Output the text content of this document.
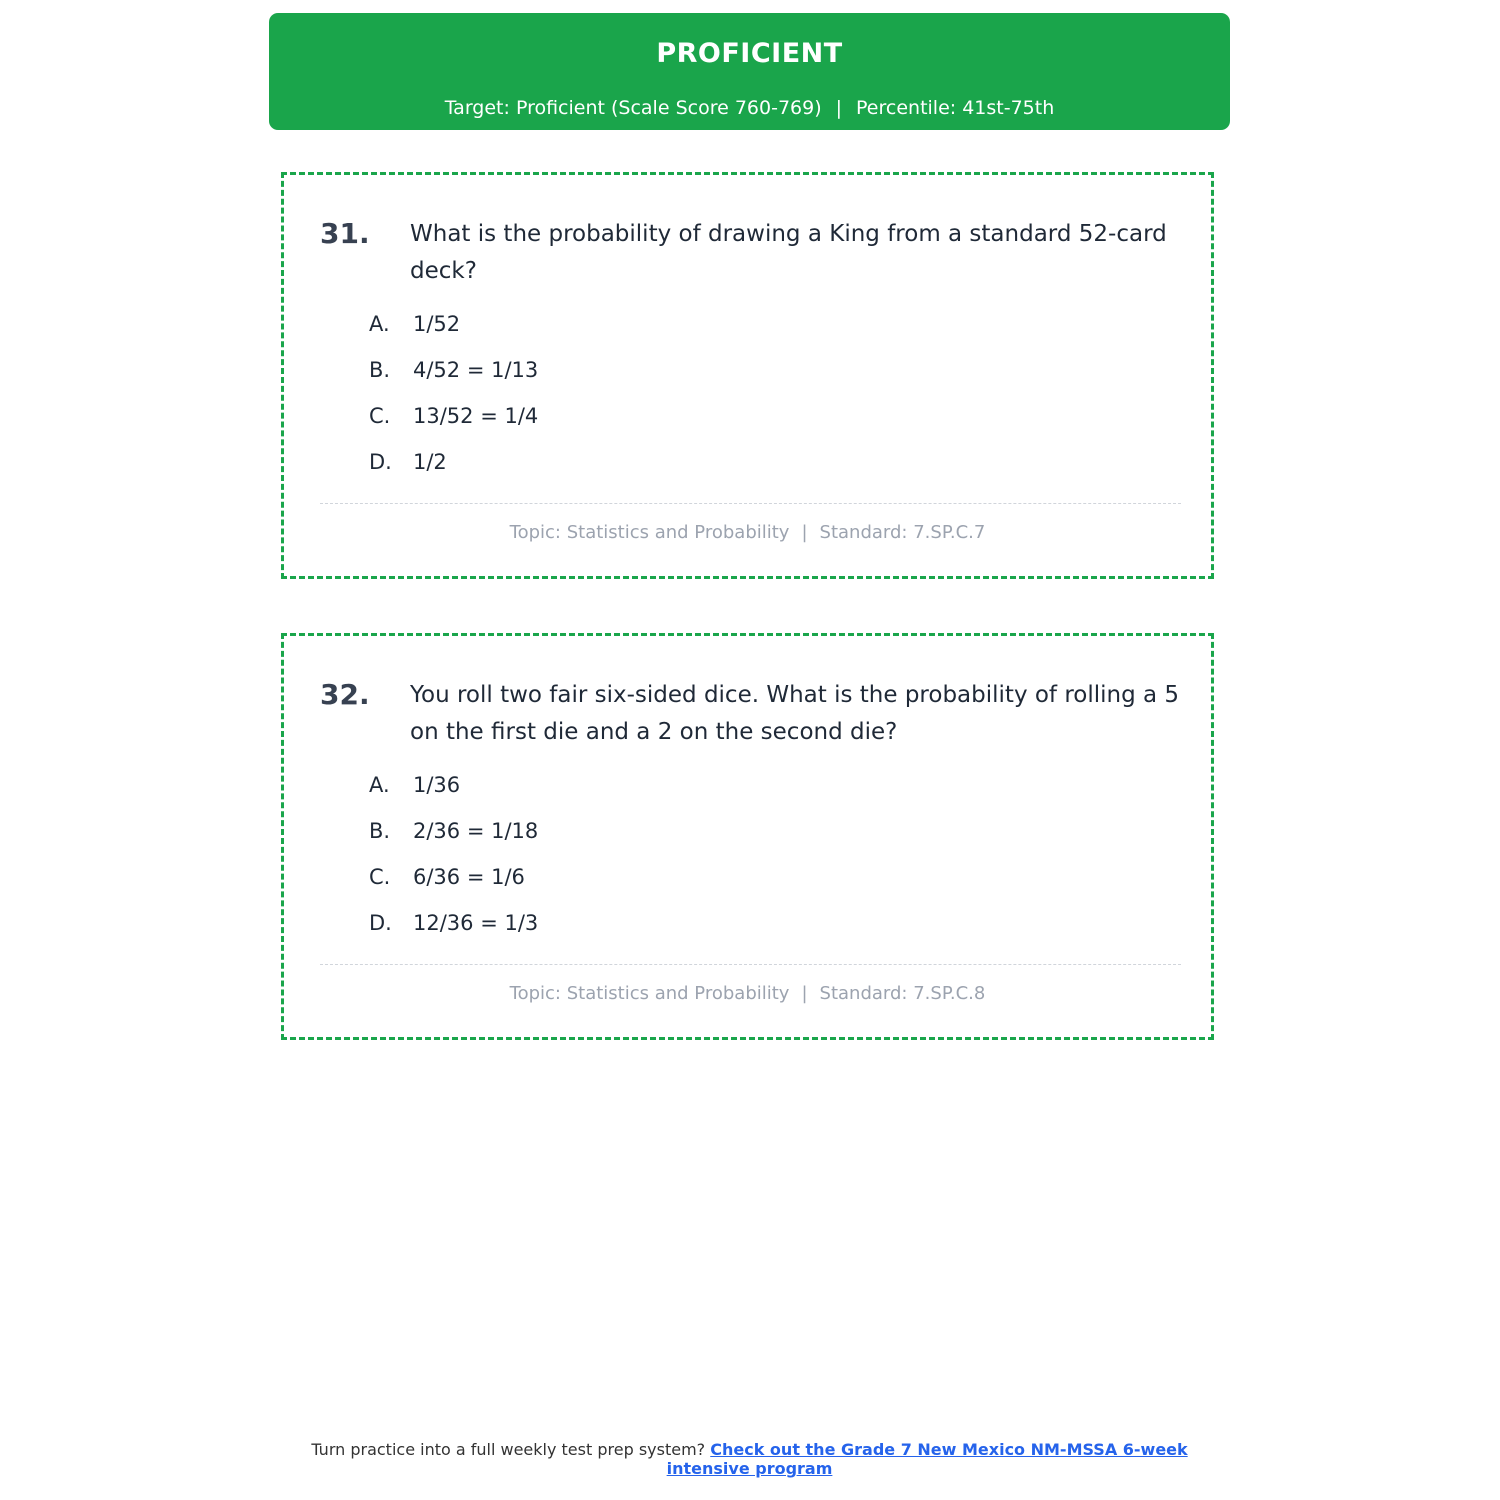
PROFICIENT
Target: Proficient (Scale Score 760-769) | Percentile: 41st-75th
31. What is the probability of drawing a King from a standard 52-card deck?
A. 1/52
B. 4/52 = 1/13
C. 13/52 = 1/4
D. 1/2
Topic: Statistics and Probability | Standard: 7.SP.C.7
32. You roll two fair six-sided dice. What is the probability of rolling a 5 on the first die and a 2 on the second die?
A. 1/36
B. 2/36 = 1/18
C. 6/36 = 1/6
D. 12/36 = 1/3
Topic: Statistics and Probability | Standard: 7.SP.C.8
Turn practice into a full weekly test prep system? Check out the Grade 7 New Mexico NM-MSSA 6-week intensive program
